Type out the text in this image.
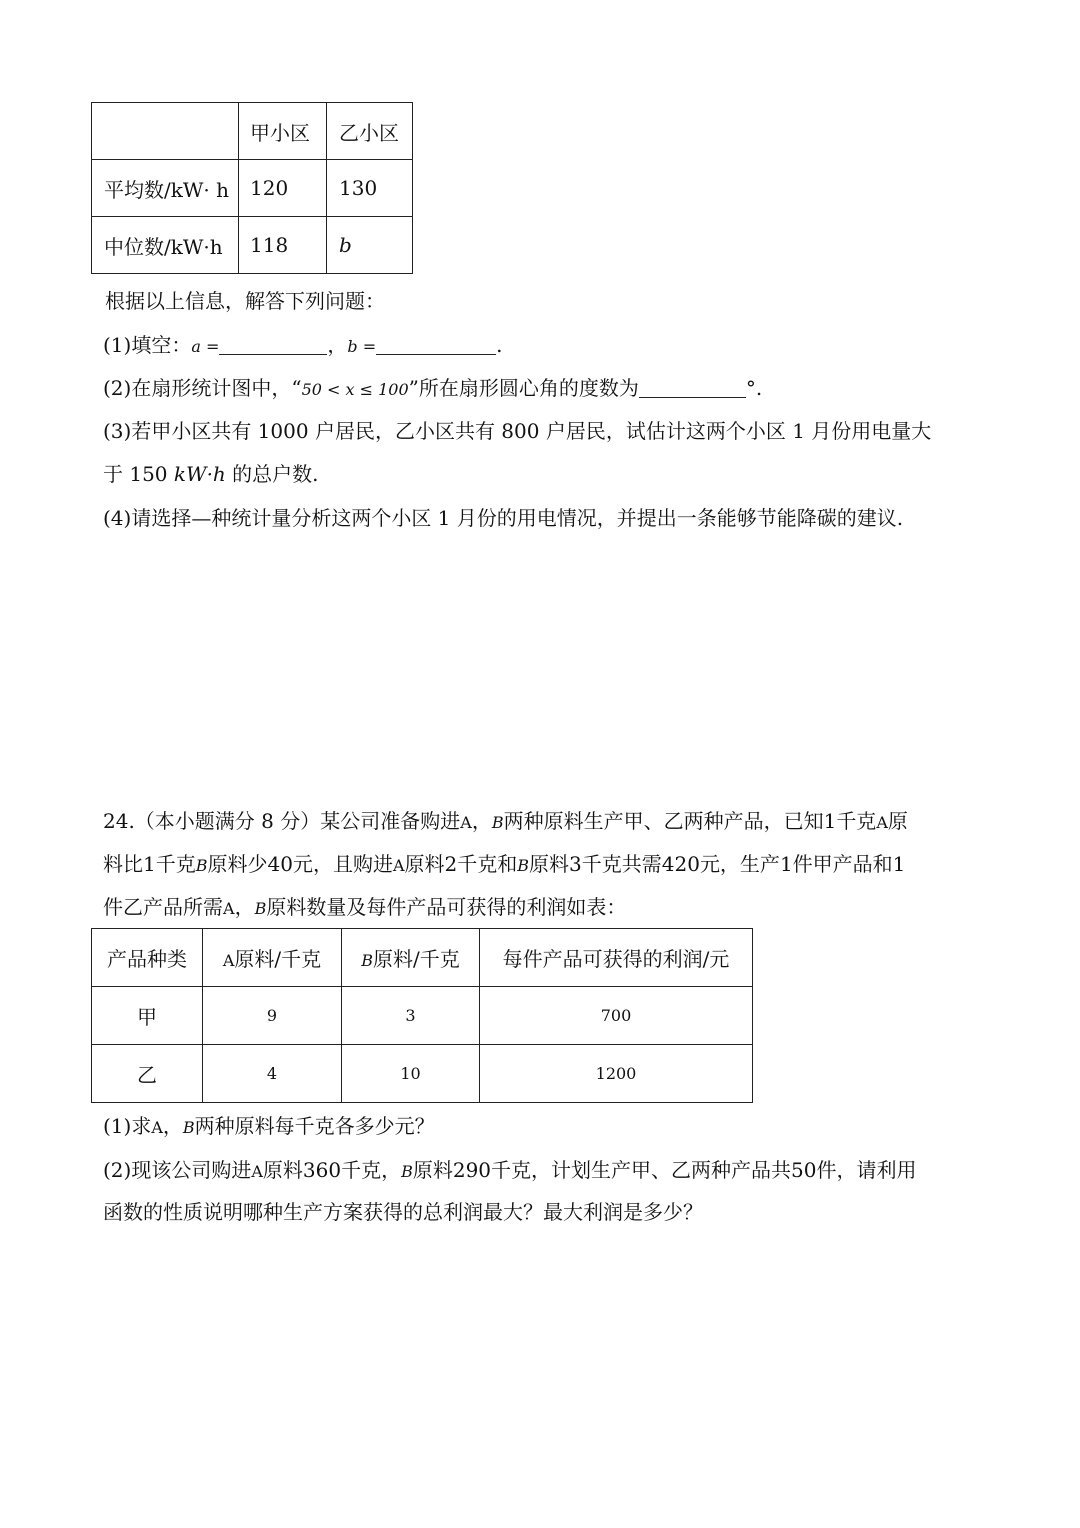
	甲小区	乙小区
平均数/kW· h	120	130
中位数/kW·h	118	b
根据以上信息，解答下列问题：
(1)填空：a =	，b =	.
(2)在扇形统计图中，“50 < x ≤ 100”所在扇形圆心角的度数为	°.
(3)若甲小区共有 1000 户居民，乙小区共有 800 户居民，试估计这两个小区 1 月份用电量大
于 150 kW·h 的总户数.
(4)请选择—种统计量分析这两个小区 1 月份的用电情况，并提出一条能够节能降碳的建议.
24.（本小题满分 8 分）某公司准备购进A，B两种原料生产甲、乙两种产品，已知1千克A原
料比1千克B原料少40元，且购进A原料2千克和B原料3千克共需420元，生产1件甲产品和1
件乙产品所需A，B原料数量及每件产品可获得的利润如表：
产品种类	A原料/千克	B原料/千克	每件产品可获得的利润/元
甲	9	3	700
乙	4	10	1200
(1)求A，B两种原料每千克各多少元？
(2)现该公司购进A原料360千克，B原料290千克，计划生产甲、乙两种产品共50件，请利用
函数的性质说明哪种生产方案获得的总利润最大？最大利润是多少？
